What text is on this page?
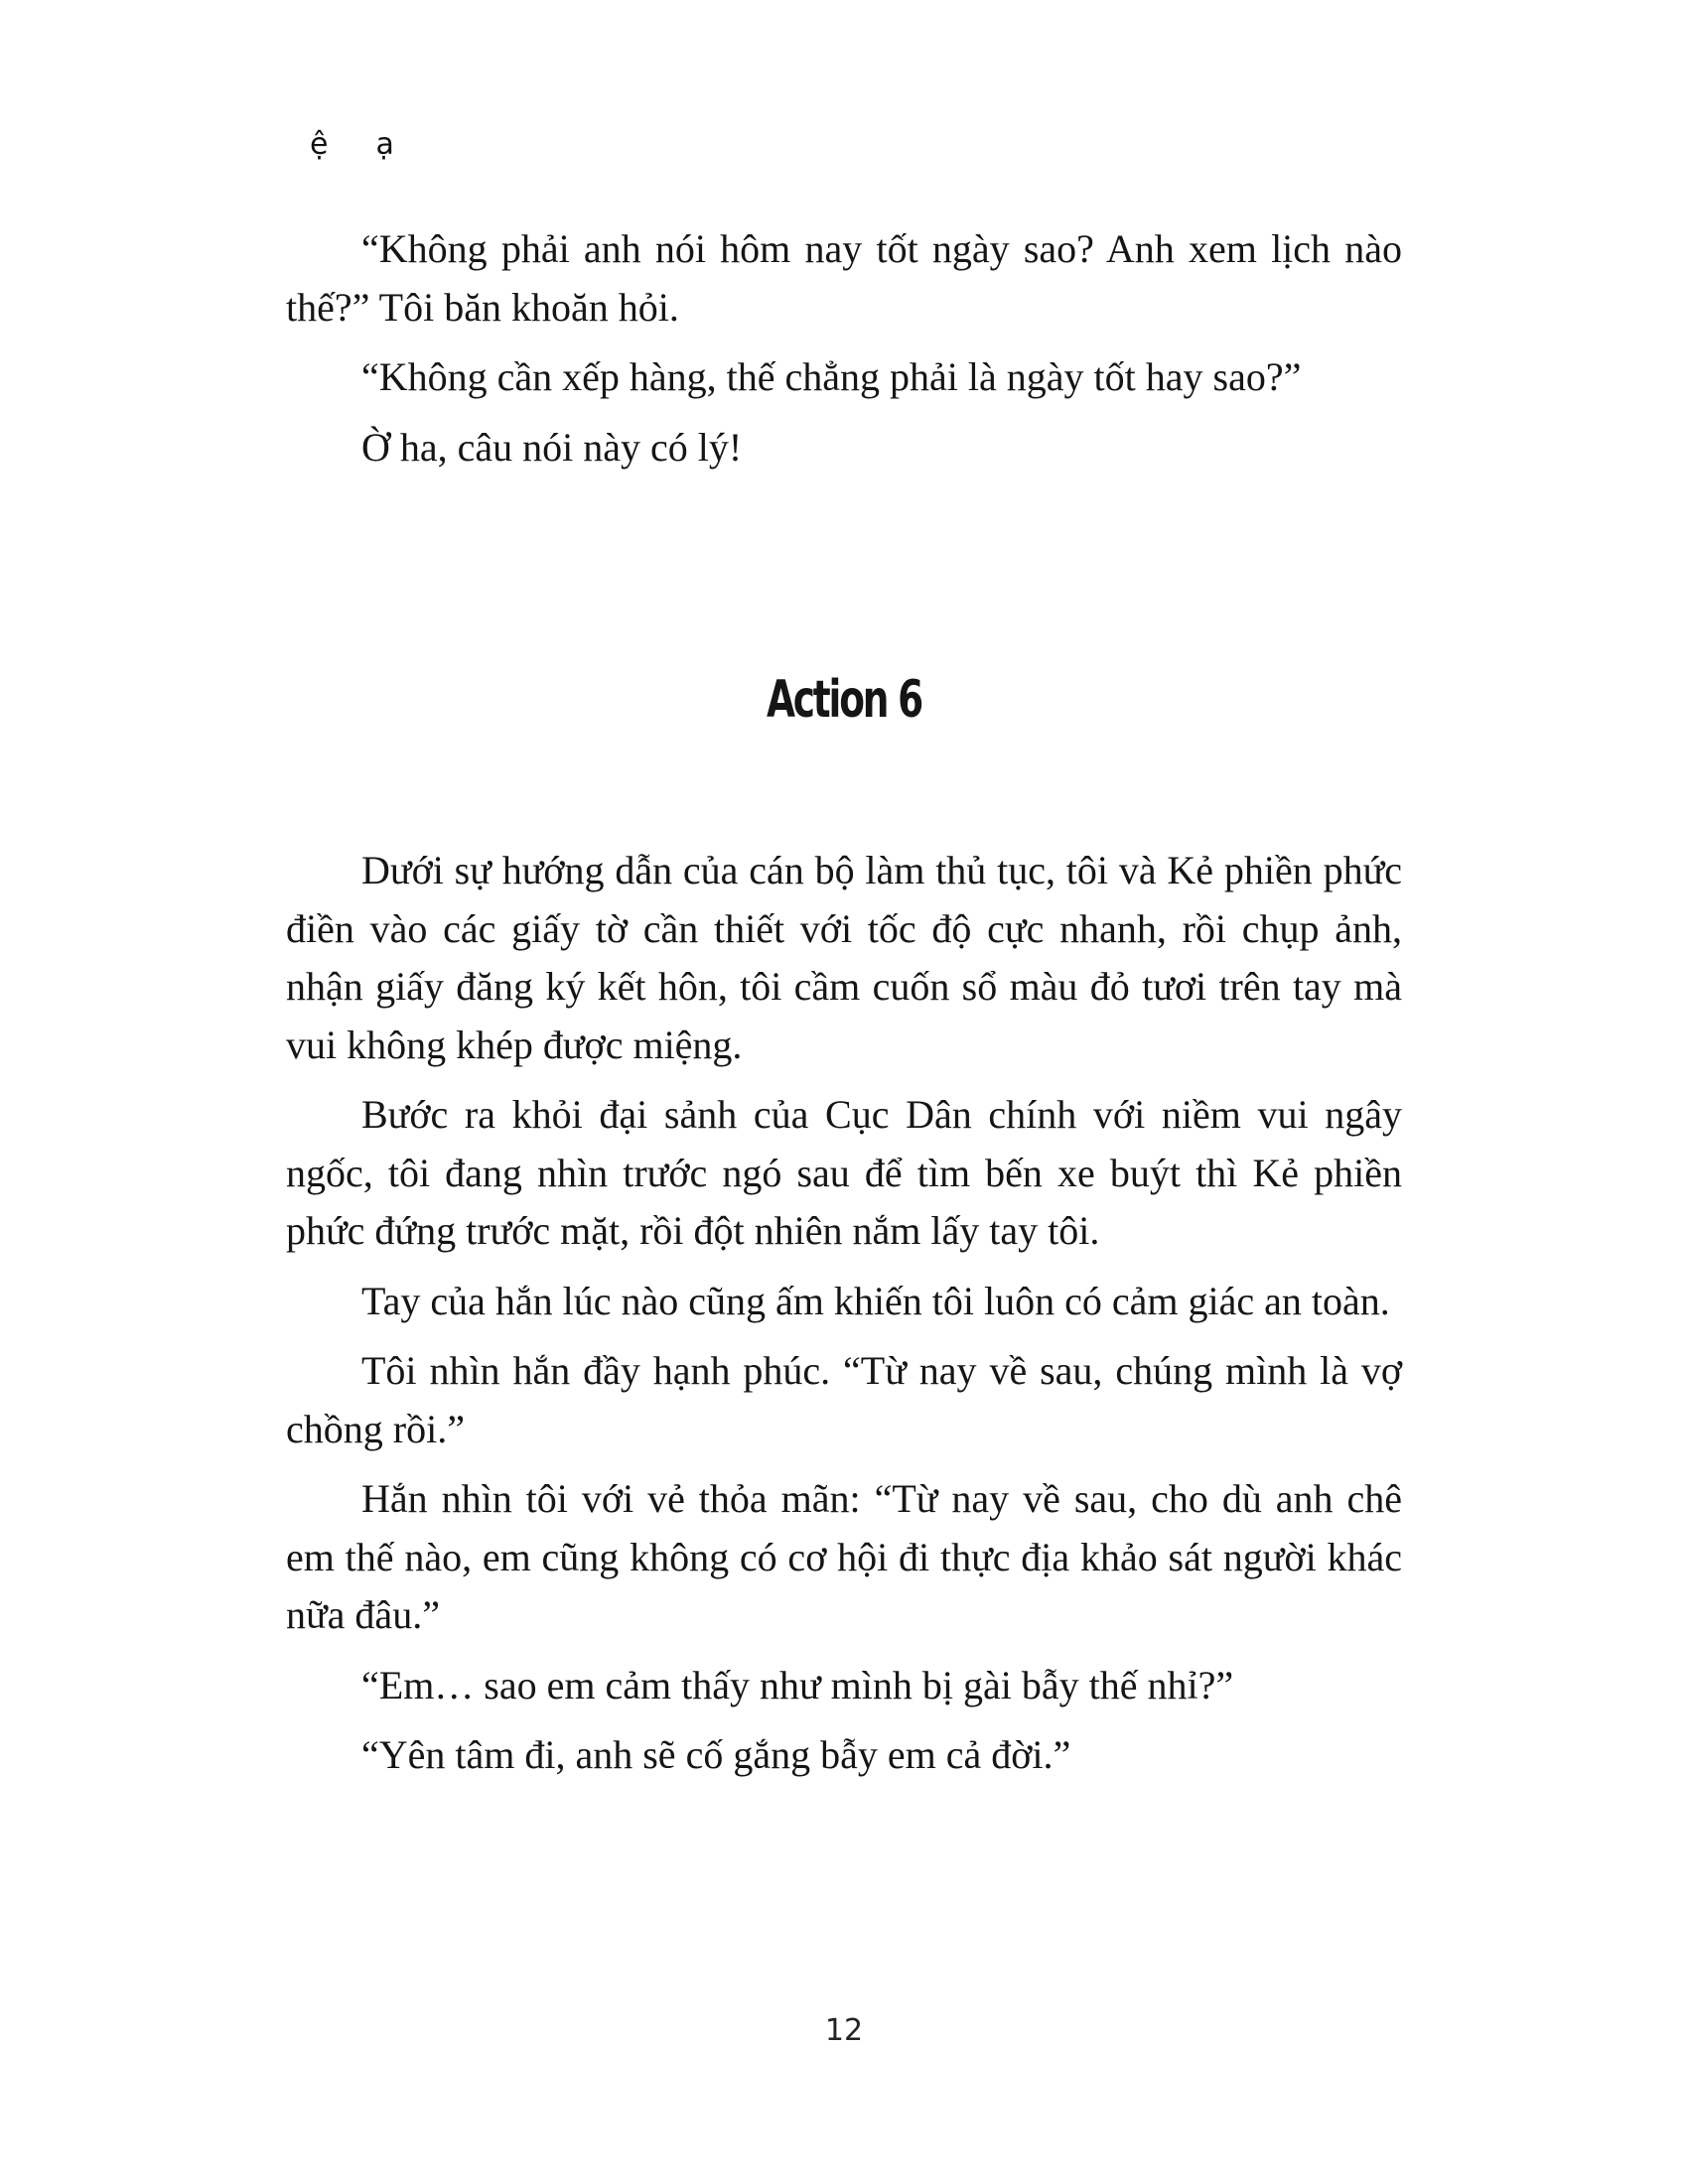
ệ ạ

“Không phải anh nói hôm nay tốt ngày sao? Anh xem lịch nào thế?” Tôi băn khoăn hỏi.

“Không cần xếp hàng, thế chẳng phải là ngày tốt hay sao?”

Ờ ha, câu nói này có lý!

Action 6

Dưới sự hướng dẫn của cán bộ làm thủ tục, tôi và Kẻ phiền phức điền vào các giấy tờ cần thiết với tốc độ cực nhanh, rồi chụp ảnh, nhận giấy đăng ký kết hôn, tôi cầm cuốn sổ màu đỏ tươi trên tay mà vui không khép được miệng.

Bước ra khỏi đại sảnh của Cục Dân chính với niềm vui ngây ngốc, tôi đang nhìn trước ngó sau để tìm bến xe buýt thì Kẻ phiền phức đứng trước mặt, rồi đột nhiên nắm lấy tay tôi.

Tay của hắn lúc nào cũng ấm khiến tôi luôn có cảm giác an toàn.

Tôi nhìn hắn đầy hạnh phúc. “Từ nay về sau, chúng mình là vợ chồng rồi.”

Hắn nhìn tôi với vẻ thỏa mãn: “Từ nay về sau, cho dù anh chê em thế nào, em cũng không có cơ hội đi thực địa khảo sát người khác nữa đâu.”

“Em… sao em cảm thấy như mình bị gài bẫy thế nhỉ?”

“Yên tâm đi, anh sẽ cố gắng bẫy em cả đời.”

12
